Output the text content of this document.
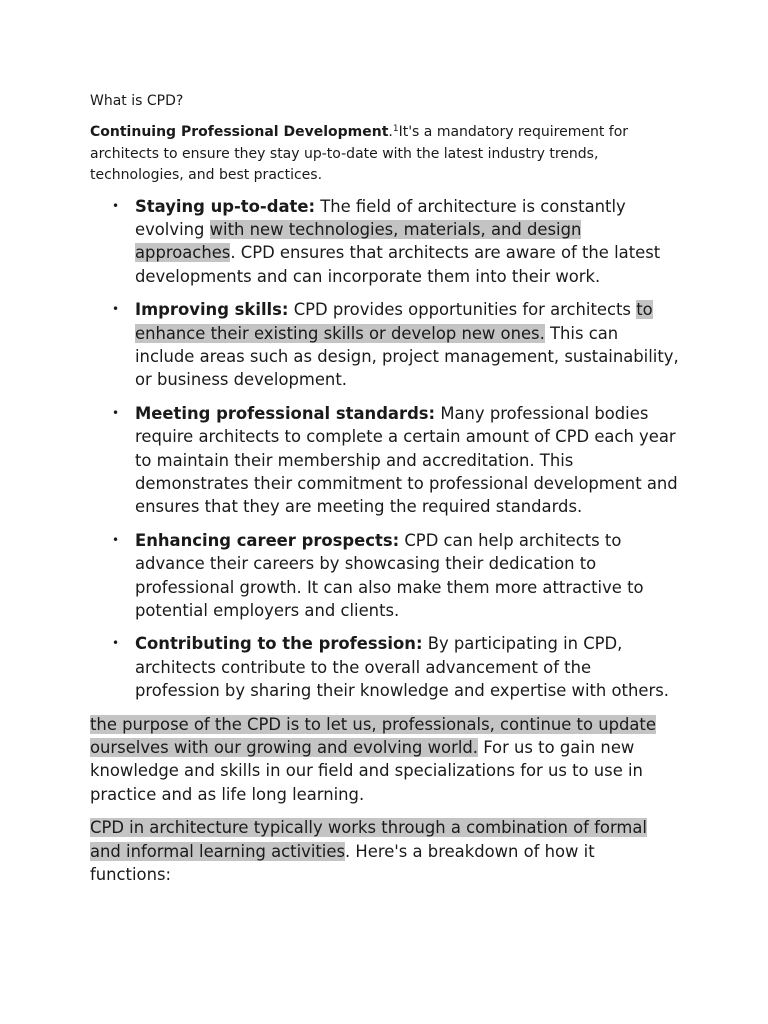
What is CPD?

Continuing Professional Development.$^1$It's a mandatory requirement for architects to ensure they stay up-to-date with the latest industry trends, technologies, and best practices.

• Staying up-to-date: The field of architecture is constantly evolving with new technologies, materials, and design approaches. CPD ensures that architects are aware of the latest developments and can incorporate them into their work.
• Improving skills: CPD provides opportunities for architects to enhance their existing skills or develop new ones. This can include areas such as design, project management, sustainability, or business development.
• Meeting professional standards: Many professional bodies require architects to complete a certain amount of CPD each year to maintain their membership and accreditation. This demonstrates their commitment to professional development and ensures that they are meeting the required standards.
• Enhancing career prospects: CPD can help architects to advance their careers by showcasing their dedication to professional growth. It can also make them more attractive to potential employers and clients.
• Contributing to the profession: By participating in CPD, architects contribute to the overall advancement of the profession by sharing their knowledge and expertise with others.

the purpose of the CPD is to let us, professionals, continue to update ourselves with our growing and evolving world. For us to gain new knowledge and skills in our field and specializations for us to use in practice and as life long learning.

CPD in architecture typically works through a combination of formal and informal learning activities. Here's a breakdown of how it functions:
